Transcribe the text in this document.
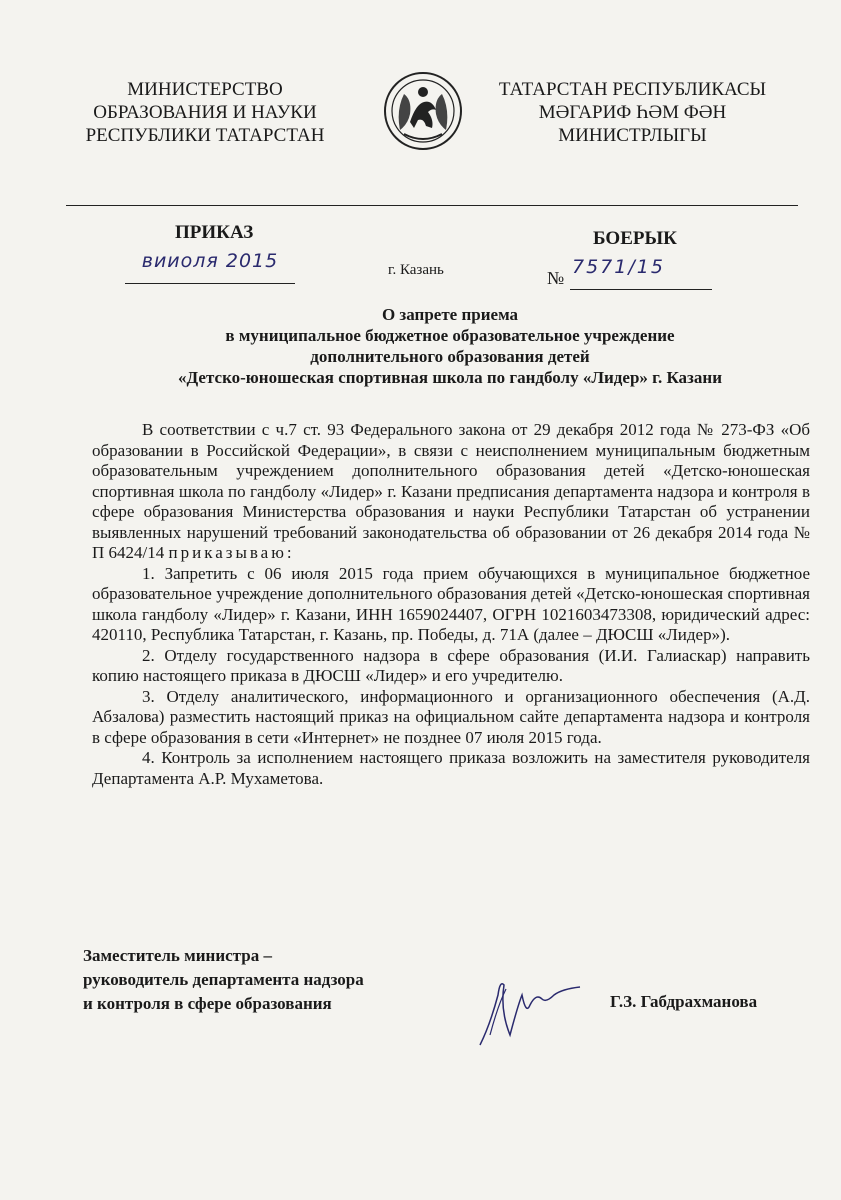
МИНИСТЕРСТВО
ОБРАЗОВАНИЯ И НАУКИ
РЕСПУБЛИКИ ТАТАРСТАН
ТАТАРСТАН РЕСПУБЛИКАСЫ
МӘГАРИФ ҺӘМ ФӘН
МИНИСТРЛЫГЫ
ПРИКАЗ	БОЕРЫК
вииоля 2015	г. Казань	№ 7571/15
О запрете приема
в муниципальное бюджетное образовательное учреждение
дополнительного образования детей
«Детско-юношеская спортивная школа по гандболу «Лидер» г. Казани

В соответствии с ч.7 ст. 93 Федерального закона от 29 декабря 2012 года № 273-ФЗ «Об образовании в Российской Федерации», в связи с неисполнением муниципальным бюджетным образовательным учреждением дополнительного образования детей «Детско-юношеская спортивная школа по гандболу «Лидер» г. Казани предписания департамента надзора и контроля в сфере образования Министерства образования и науки Республики Татарстан об устранении выявленных нарушений требований законодательства об образовании от 26 декабря 2014 года № П 6424/14 приказываю:

1. Запретить с 06 июля 2015 года прием обучающихся в муниципальное бюджетное образовательное учреждение дополнительного образования детей «Детско-юношеская спортивная школа гандболу «Лидер» г. Казани, ИНН 1659024407, ОГРН 1021603473308, юридический адрес: 420110, Республика Татарстан, г. Казань, пр. Победы, д. 71А (далее – ДЮСШ «Лидер»).

2. Отделу государственного надзора в сфере образования (И.И. Галиаскар) направить копию настоящего приказа в ДЮСШ «Лидер» и его учредителю.

3. Отделу аналитического, информационного и организационного обеспечения (А.Д. Абзалова) разместить настоящий приказ на официальном сайте департамента надзора и контроля в сфере образования в сети «Интернет» не позднее 07 июля 2015 года.

4. Контроль за исполнением настоящего приказа возложить на заместителя руководителя Департамента А.Р. Мухаметова.

Заместитель министра –
руководитель департамента надзора
и контроля в сфере образования	Г.З. Габдрахманова
